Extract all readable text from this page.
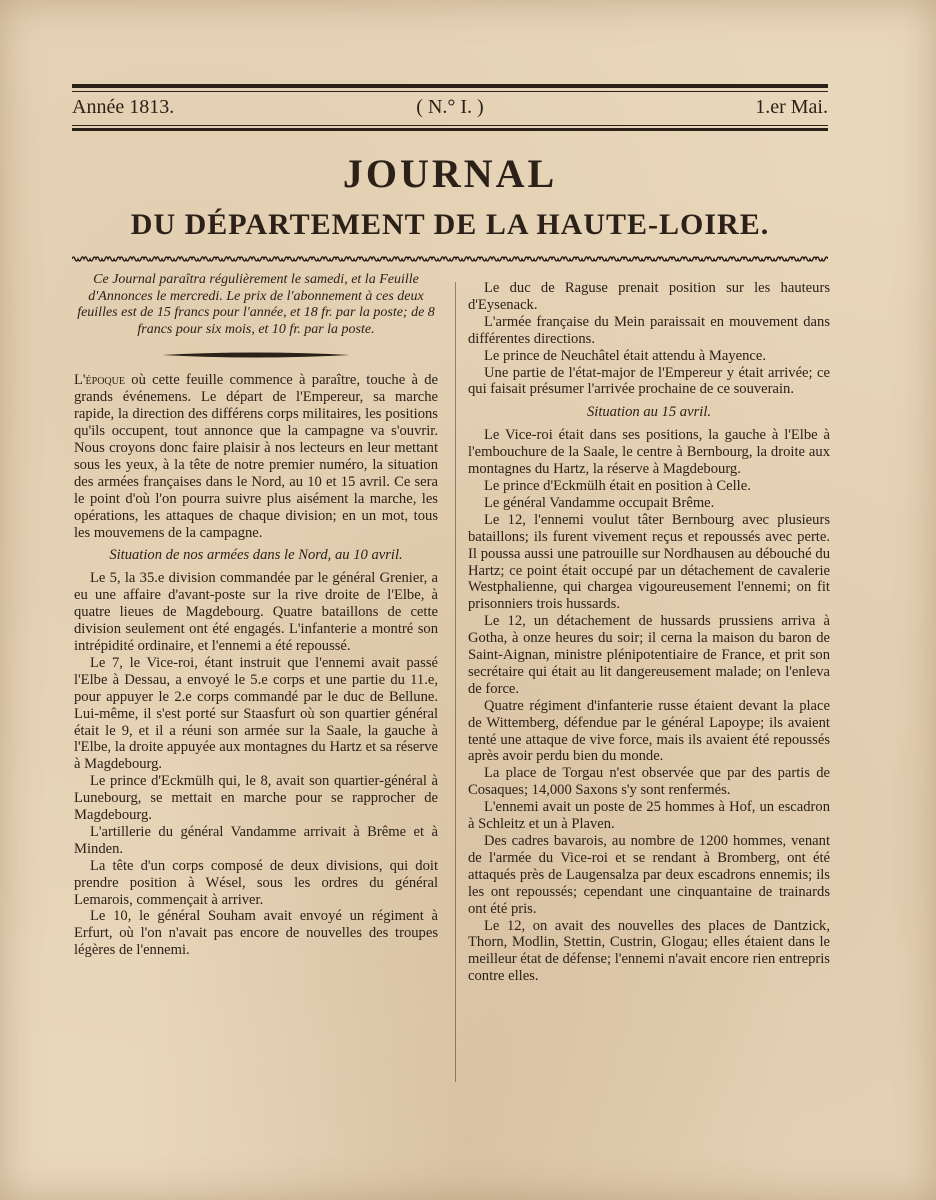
Année 1813.	( N.° I. )	1.er Mai.
JOURNAL
DU DÉPARTEMENT DE LA HAUTE-LOIRE.

Ce Journal paraîtra régulièrement le samedi, et la Feuille d'Annonces le mercredi. Le prix de l'abonnement à ces deux feuilles est de 15 francs pour l'année, et 18 fr. par la poste; de 8 francs pour six mois, et 10 fr. par la poste.

L'époque où cette feuille commence à paraître, touche à de grands événemens. Le départ de l'Empereur, sa marche rapide, la direction des différens corps militaires, les positions qu'ils occupent, tout annonce que la campagne va s'ouvrir. Nous croyons donc faire plaisir à nos lecteurs en leur mettant sous les yeux, à la tête de notre premier numéro, la situation des armées françaises dans le Nord, au 10 et 15 avril. Ce sera le point d'où l'on pourra suivre plus aisément la marche, les opérations, les attaques de chaque division; en un mot, tous les mouvemens de la campagne.

Situation de nos armées dans le Nord, au 10 avril.

Le 5, la 35.e division commandée par le général Grenier, a eu une affaire d'avant-poste sur la rive droite de l'Elbe, à quatre lieues de Magdebourg. Quatre bataillons de cette division seulement ont été engagés. L'infanterie a montré son intrépidité ordinaire, et l'ennemi a été repoussé.

Le 7, le Vice-roi, étant instruit que l'ennemi avait passé l'Elbe à Dessau, a envoyé le 5.e corps et une partie du 11.e, pour appuyer le 2.e corps commandé par le duc de Bellune. Lui-même, il s'est porté sur Staasfurt où son quartier général était le 9, et il a réuni son armée sur la Saale, la gauche à l'Elbe, la droite appuyée aux montagnes du Hartz et sa réserve à Magdebourg.

Le prince d'Eckmülh qui, le 8, avait son quartier-général à Lunebourg, se mettait en marche pour se rapprocher de Magdebourg.

L'artillerie du général Vandamme arrivait à Brême et à Minden.

La tête d'un corps composé de deux divisions, qui doit prendre position à Wésel, sous les ordres du général Lemarois, commençait à arriver.

Le 10, le général Souham avait envoyé un régiment à Erfurt, où l'on n'avait pas encore de nouvelles des troupes légères de l'ennemi.

Le duc de Raguse prenait position sur les hauteurs d'Eysenack.

L'armée française du Mein paraissait en mouvement dans différentes directions.

Le prince de Neuchâtel était attendu à Mayence.

Une partie de l'état-major de l'Empereur y était arrivée; ce qui faisait présumer l'arrivée prochaine de ce souverain.

Situation au 15 avril.

Le Vice-roi était dans ses positions, la gauche à l'Elbe à l'embouchure de la Saale, le centre à Bernbourg, la droite aux montagnes du Hartz, la réserve à Magdebourg.

Le prince d'Eckmülh était en position à Celle.

Le général Vandamme occupait Brême.

Le 12, l'ennemi voulut tâter Bernbourg avec plusieurs bataillons; ils furent vivement reçus et repoussés avec perte. Il poussa aussi une patrouille sur Nordhausen au débouché du Hartz; ce point était occupé par un détachement de cavalerie Westphalienne, qui chargea vigoureusement l'ennemi; on fit prisonniers trois hussards.

Le 12, un détachement de hussards prussiens arriva à Gotha, à onze heures du soir; il cerna la maison du baron de Saint-Aignan, ministre plénipotentiaire de France, et prit son secrétaire qui était au lit dangereusement malade; on l'enleva de force.

Quatre régiment d'infanterie russe étaient devant la place de Wittemberg, défendue par le général Lapoype; ils avaient tenté une attaque de vive force, mais ils avaient été repoussés après avoir perdu bien du monde.

La place de Torgau n'est observée que par des partis de Cosaques; 14,000 Saxons s'y sont renfermés.

L'ennemi avait un poste de 25 hommes à Hof, un escadron à Schleitz et un à Plaven.

Des cadres bavarois, au nombre de 1200 hommes, venant de l'armée du Vice-roi et se rendant à Bromberg, ont été attaqués près de Laugensalza par deux escadrons ennemis; ils les ont repoussés; cependant une cinquantaine de trainards ont été pris.

Le 12, on avait des nouvelles des places de Dantzick, Thorn, Modlin, Stettin, Custrin, Glogau; elles étaient dans le meilleur état de défense; l'ennemi n'avait encore rien entrepris contre elles.
